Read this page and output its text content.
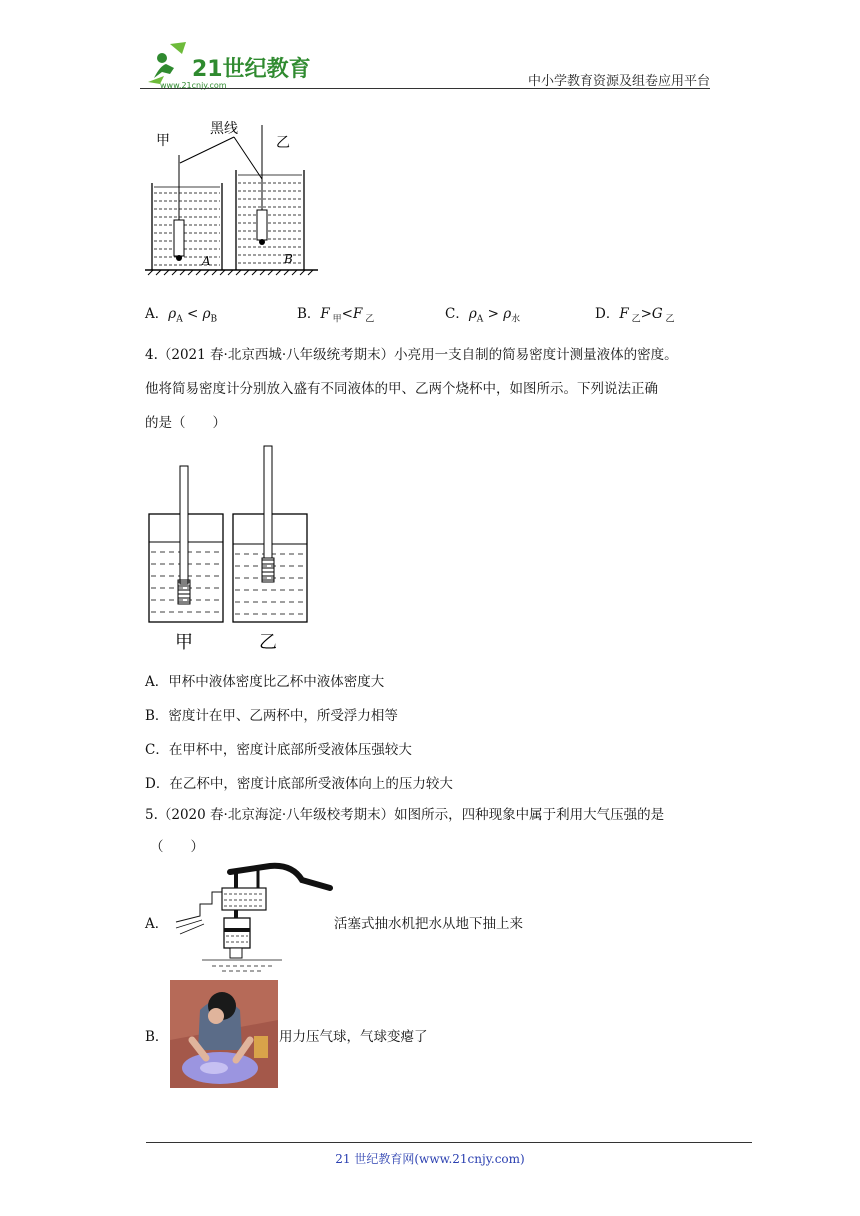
21世纪教育
www.21cnjy.com	中小学教育资源及组卷应用平台
黑线
甲	乙
A	B
A．$\rho_A < \rho_B$	B．F $_甲$<F $_乙$	C．$\rho_A > \rho_水$	D．F $_乙$>G $_乙$
4.（2021 春·北京西城·八年级统考期末）小亮用一支自制的简易密度计测量液体的密度。
他将简易密度计分别放入盛有不同液体的甲、乙两个烧杯中，如图所示。下列说法正确
的是（　　）
甲	乙
A．甲杯中液体密度比乙杯中液体密度大
B．密度计在甲、乙两杯中，所受浮力相等
C．在甲杯中，密度计底部所受液体压强较大
D．在乙杯中，密度计底部所受液体向上的压力较大
5.（2020 春·北京海淀·八年级校考期末）如图所示，四种现象中属于利用大气压强的是
（　　）
A．	活塞式抽水机把水从地下抽上来
B．	用力压气球，气球变瘪了
21 世纪教育网(www.21cnjy.com)
